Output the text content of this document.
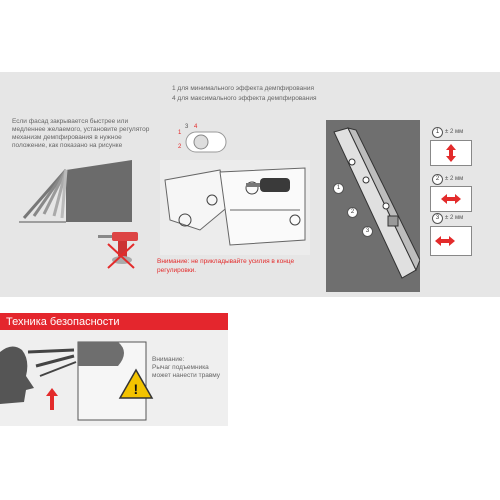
1 для минимального эффекта демпфирования
4 для максимального эффекта демпфирования
Если фасад закрывается быстрее или
медленнее желаемого, установите регулятор
механизм демпфирования в нужное
положение, как показано на рисунке
1
3 4
2
Внимание: не прикладывайте усилия в конце
регулировки.
1
2
3
1 ± 2 мм
2 ± 2 мм
3 ± 2 мм
Техника безопасности
!
Внимание:
Рычаг подъемника
может нанести травму
